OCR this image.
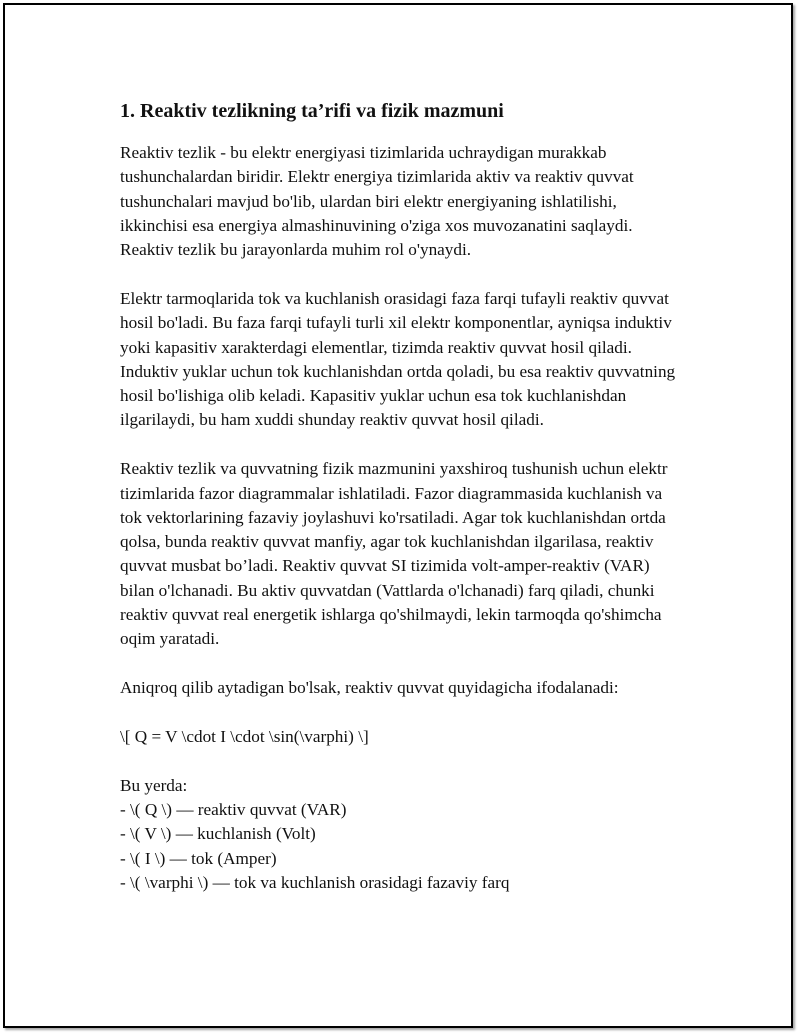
1. Reaktiv tezlikning ta’rifi va fizik mazmuni

Reaktiv tezlik - bu elektr energiyasi tizimlarida uchraydigan murakkab tushunchalardan biridir. Elektr energiya tizimlarida aktiv va reaktiv quvvat tushunchalari mavjud bo'lib, ulardan biri elektr energiyaning ishlatilishi, ikkinchisi esa energiya almashinuvining o'ziga xos muvozanatini saqlaydi. Reaktiv tezlik bu jarayonlarda muhim rol o'ynaydi.

Elektr tarmoqlarida tok va kuchlanish orasidagi faza farqi tufayli reaktiv quvvat hosil bo'ladi. Bu faza farqi tufayli turli xil elektr komponentlar, ayniqsa induktiv yoki kapasitiv xarakterdagi elementlar, tizimda reaktiv quvvat hosil qiladi. Induktiv yuklar uchun tok kuchlanishdan ortda qoladi, bu esa reaktiv quvvatning hosil bo'lishiga olib keladi. Kapasitiv yuklar uchun esa tok kuchlanishdan ilgarilaydi, bu ham xuddi shunday reaktiv quvvat hosil qiladi.

Reaktiv tezlik va quvvatning fizik mazmunini yaxshiroq tushunish uchun elektr tizimlarida fazor diagrammalar ishlatiladi. Fazor diagrammasida kuchlanish va tok vektorlarining fazaviy joylashuvi ko'rsatiladi. Agar tok kuchlanishdan ortda qolsa, bunda reaktiv quvvat manfiy, agar tok kuchlanishdan ilgarilasa, reaktiv quvvat musbat bo’ladi. Reaktiv quvvat SI tizimida volt-amper-reaktiv (VAR) bilan o'lchanadi. Bu aktiv quvvatdan (Vattlarda o'lchanadi) farq qiladi, chunki reaktiv quvvat real energetik ishlarga qo'shilmaydi, lekin tarmoqda qo'shimcha oqim yaratadi.

Aniqroq qilib aytadigan bo'lsak, reaktiv quvvat quyidagicha ifodalanadi:

\[ Q = V \cdot I \cdot \sin(\varphi) \]
Bu yerda:
- \( Q \) — reaktiv quvvat (VAR)
- \( V \) — kuchlanish (Volt)
- \( I \) — tok (Amper)
- \( \varphi \) — tok va kuchlanish orasidagi fazaviy farq
